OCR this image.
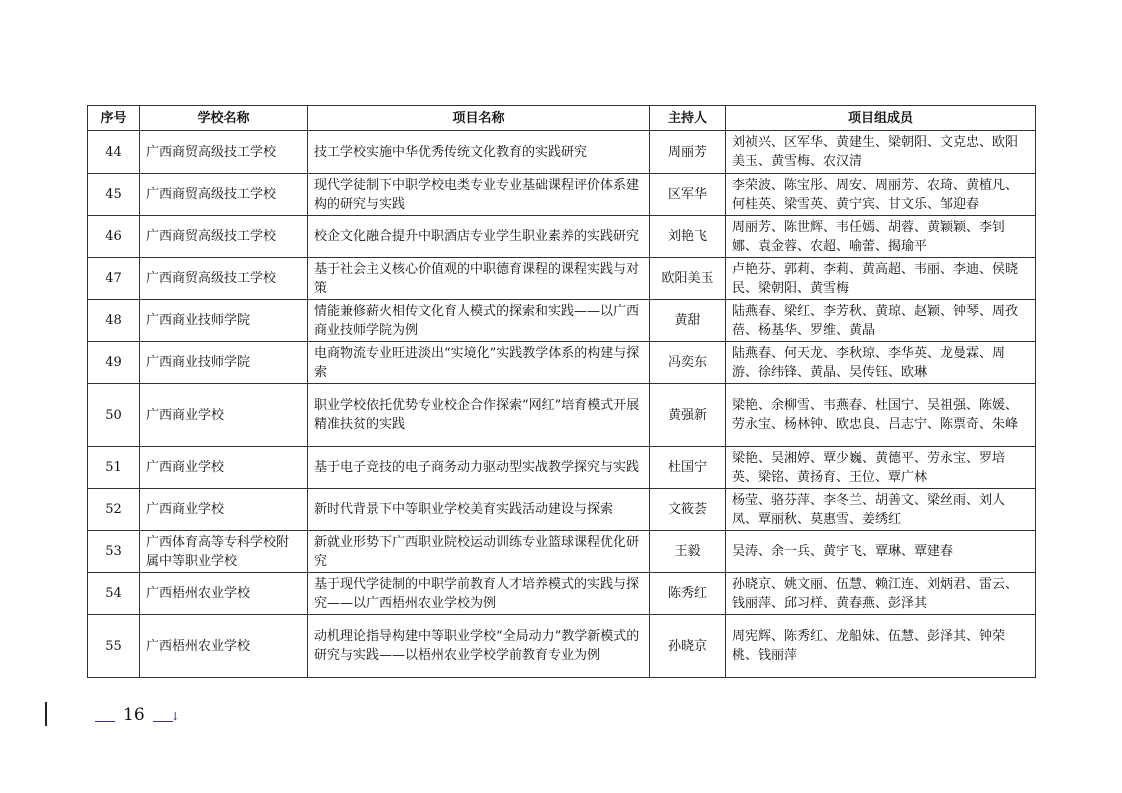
序号	学校名称	项目名称	主持人	项目组成员
44	广西商贸高级技工学校	技工学校实施中华优秀传统文化教育的实践研究	周丽芳	刘祯兴、区军华、黄建生、梁朝阳、文克忠、欧阳美玉、黄雪梅、农汉清
45	广西商贸高级技工学校	现代学徒制下中职学校电类专业专业基础课程评价体系建构的研究与实践	区军华	李荣波、陈宝彤、周安、周丽芳、农琦、黄植凡、何桂英、梁雪英、黄宁宾、甘文乐、邹迎春
46	广西商贸高级技工学校	校企文化融合提升中职酒店专业学生职业素养的实践研究	刘艳飞	周丽芳、陈世辉、韦任嫣、胡蓉、黄颖颖、李钊娜、袁金蓉、农超、喻蕾、揭瑜平
47	广西商贸高级技工学校	基于社会主义核心价值观的中职德育课程的课程实践与对策	欧阳美玉	卢艳芬、郭莉、李莉、黄高超、韦丽、李迪、侯晓民、梁朝阳、黄雪梅
48	广西商业技师学院	情能兼修薪火相传文化育人模式的探索和实践——以广西商业技师学院为例	黄甜	陆燕春、梁红、李芳秋、黄琼、赵颖、钟琴、周孜蓓、杨基华、罗维、黄晶
49	广西商业技师学院	电商物流专业旺进淡出“实境化”实践教学体系的构建与探索	冯奕东	陆燕春、何天龙、李秋琼、李华英、龙曼霖、周游、徐纬锋、黄晶、吴传钰、欧琳
50	广西商业学校	职业学校依托优势专业校企合作探索“网红”培育模式开展精准扶贫的实践	黄强新	梁艳、余柳雪、韦燕春、杜国宁、吴祖强、陈媛、劳永宝、杨林钟、欧忠良、吕志宁、陈票奇、朱峰
51	广西商业学校	基于电子竞技的电子商务动力驱动型实战教学探究与实践	杜国宁	梁艳、吴湘婷、覃少巍、黄德平、劳永宝、罗培英、梁铭、黄扬育、王位、覃广林
52	广西商业学校	新时代背景下中等职业学校美育实践活动建设与探索	文筱荟	杨莹、骆芬萍、李冬兰、胡善文、梁丝雨、刘人凤、覃丽秋、莫惠雪、姜绣红
53	广西体育高等专科学校附属中等职业学校	新就业形势下广西职业院校运动训练专业篮球课程优化研究	王毅	吴涛、余一兵、黄宇飞、覃琳、覃建春
54	广西梧州农业学校	基于现代学徒制的中职学前教育人才培养模式的实践与探究——以广西梧州农业学校为例	陈秀红	孙晓京、姚文丽、伍慧、赖江连、刘炳君、雷云、钱丽萍、邱习样、黄春燕、彭泽其
55	广西梧州农业学校	动机理论指导构建中等职业学校“全局动力”教学新模式的研究与实践——以梧州农业学校学前教育专业为例	孙晓京	周宪辉、陈秀红、龙船妹、伍慧、彭泽其、钟荣桃、钱丽萍
16 ↓
